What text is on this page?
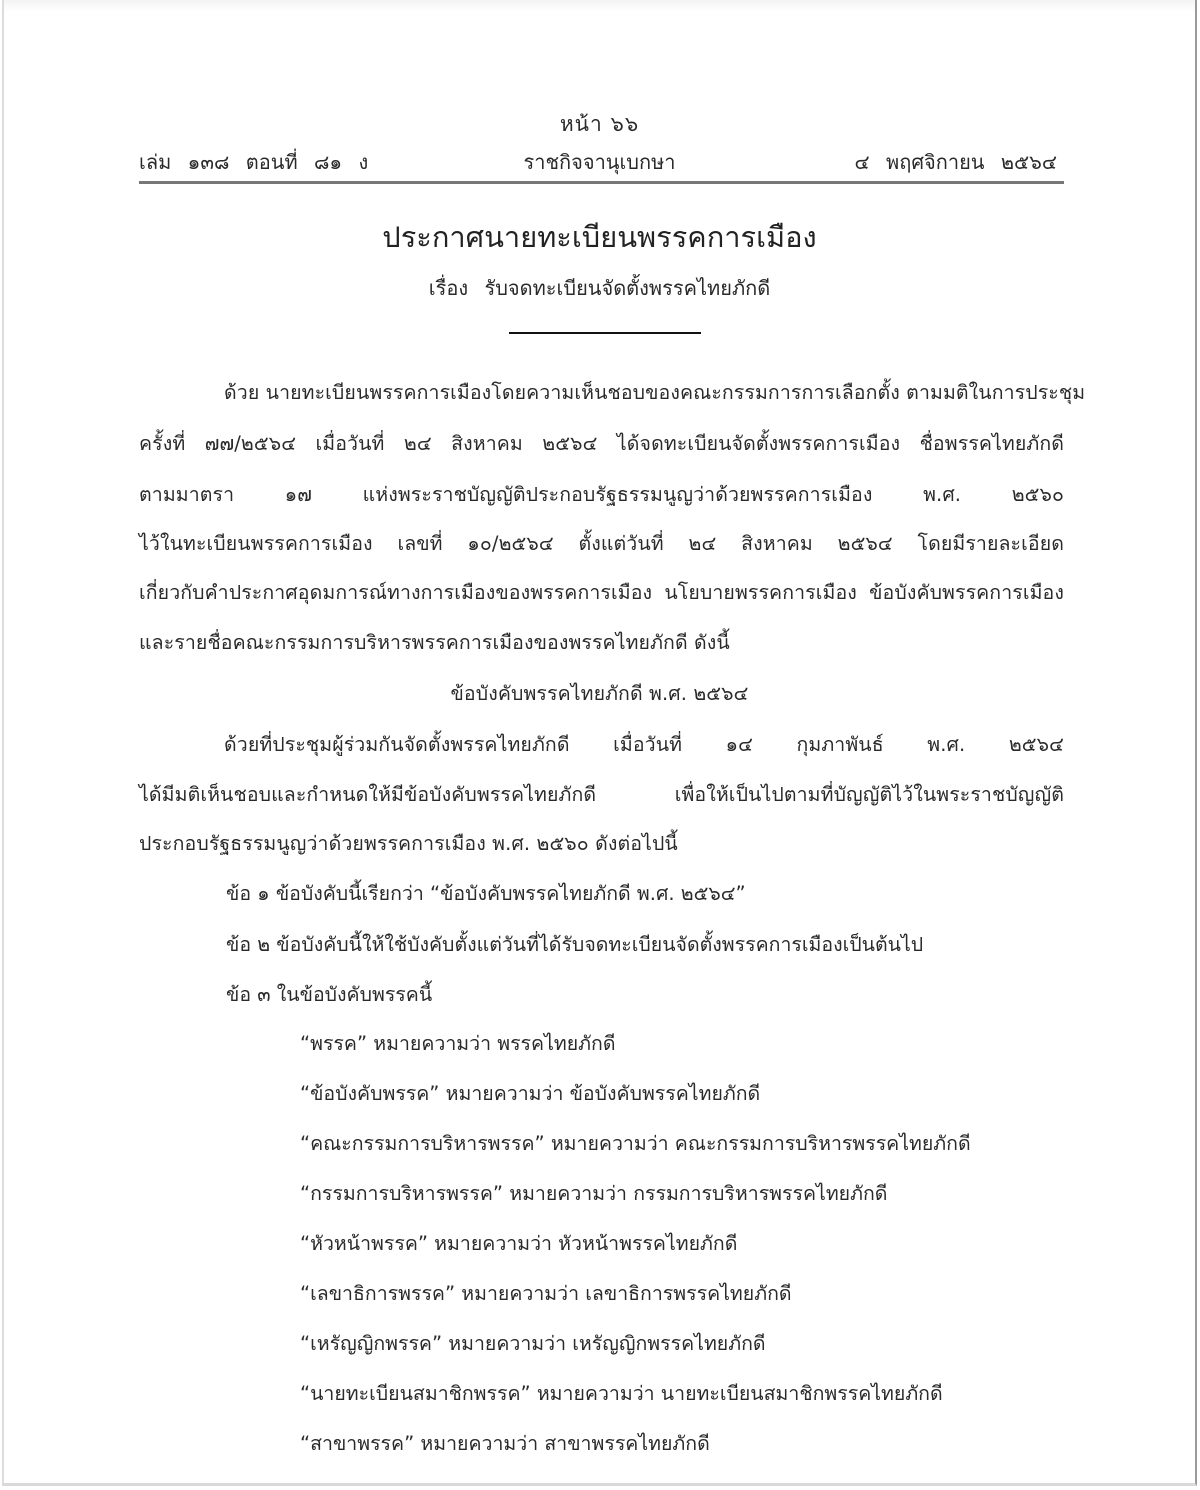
หน้า ๖๖
เล่ม ๑๓๘ ตอนที่ ๘๑ ง	ราชกิจจานุเบกษา	๔ พฤศจิกายน ๒๕๖๔
ประกาศนายทะเบียนพรรคการเมือง
เรื่อง รับจดทะเบียนจัดตั้งพรรคไทยภักดี
ด้วย นายทะเบียนพรรคการเมืองโดยความเห็นชอบของคณะกรรมการการเลือกตั้ง ตามมติในการประชุม
ครั้งที่ ๗๗/๒๕๖๔ เมื่อวันที่ ๒๔ สิงหาคม ๒๕๖๔ ได้จดทะเบียนจัดตั้งพรรคการเมือง ชื่อพรรคไทยภักดี
ตามมาตรา ๑๗ แห่งพระราชบัญญัติประกอบรัฐธรรมนูญว่าด้วยพรรคการเมือง พ.ศ. ๒๕๖๐
ไว้ในทะเบียนพรรคการเมือง เลขที่ ๑๐/๒๕๖๔ ตั้งแต่วันที่ ๒๔ สิงหาคม ๒๕๖๔ โดยมีรายละเอียด
เกี่ยวกับคำประกาศอุดมการณ์ทางการเมืองของพรรคการเมือง นโยบายพรรคการเมือง ข้อบังคับพรรคการเมือง
และรายชื่อคณะกรรมการบริหารพรรคการเมืองของพรรคไทยภักดี ดังนี้
ข้อบังคับพรรคไทยภักดี พ.ศ. ๒๕๖๔
ด้วยที่ประชุมผู้ร่วมกันจัดตั้งพรรคไทยภักดี เมื่อวันที่ ๑๔ กุมภาพันธ์ พ.ศ. ๒๕๖๔
ได้มีมติเห็นชอบและกำหนดให้มีข้อบังคับพรรคไทยภักดี เพื่อให้เป็นไปตามที่บัญญัติไว้ในพระราชบัญญัติ
ประกอบรัฐธรรมนูญว่าด้วยพรรคการเมือง พ.ศ. ๒๕๖๐ ดังต่อไปนี้
ข้อ ๑ ข้อบังคับนี้เรียกว่า “ข้อบังคับพรรคไทยภักดี พ.ศ. ๒๕๖๔”
ข้อ ๒ ข้อบังคับนี้ให้ใช้บังคับตั้งแต่วันที่ได้รับจดทะเบียนจัดตั้งพรรคการเมืองเป็นต้นไป
ข้อ ๓ ในข้อบังคับพรรคนี้
“พรรค” หมายความว่า พรรคไทยภักดี
“ข้อบังคับพรรค” หมายความว่า ข้อบังคับพรรคไทยภักดี
“คณะกรรมการบริหารพรรค” หมายความว่า คณะกรรมการบริหารพรรคไทยภักดี
“กรรมการบริหารพรรค” หมายความว่า กรรมการบริหารพรรคไทยภักดี
“หัวหน้าพรรค” หมายความว่า หัวหน้าพรรคไทยภักดี
“เลขาธิการพรรค” หมายความว่า เลขาธิการพรรคไทยภักดี
“เหรัญญิกพรรค” หมายความว่า เหรัญญิกพรรคไทยภักดี
“นายทะเบียนสมาชิกพรรค” หมายความว่า นายทะเบียนสมาชิกพรรคไทยภักดี
“สาขาพรรค” หมายความว่า สาขาพรรคไทยภักดี
